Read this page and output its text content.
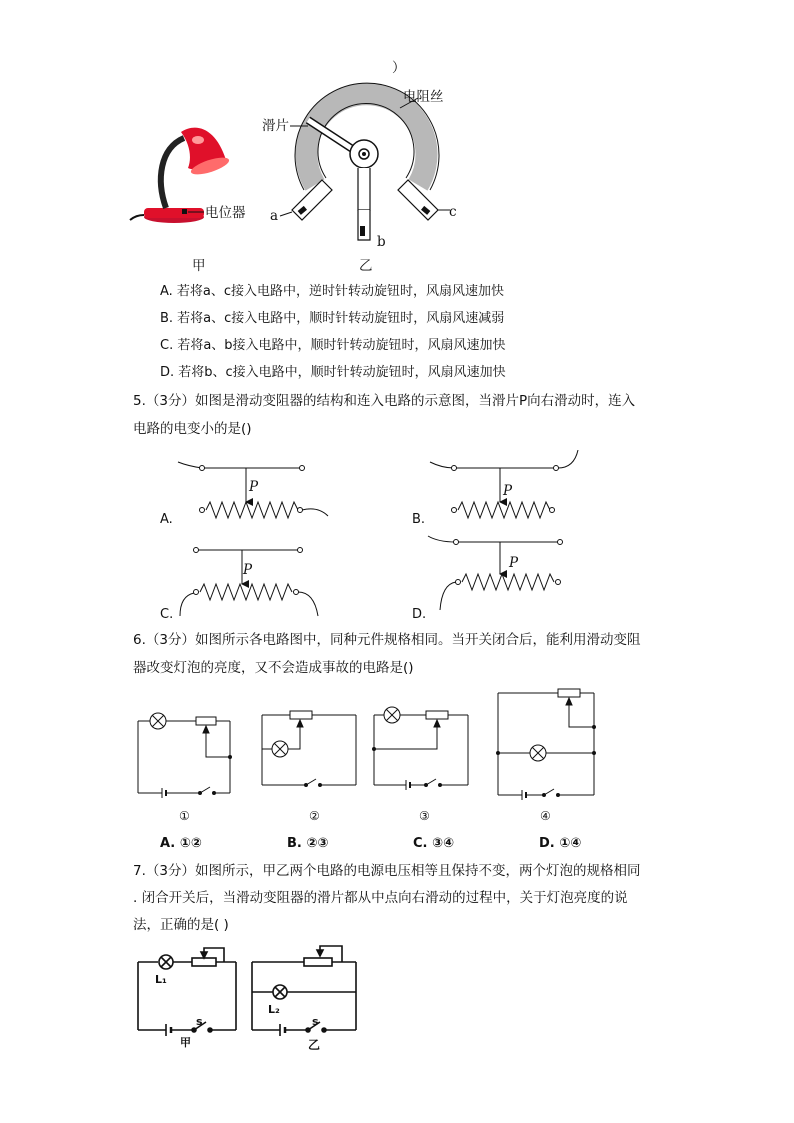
）
电位器
甲
电阻丝
滑片
a
b
c
乙
A. 若将a、c接入电路中，逆时针转动旋钮时，风扇风速加快
B. 若将a、c接入电路中，顺时针转动旋钮时，风扇风速减弱
C. 若将a、b接入电路中，顺时针转动旋钮时，风扇风速加快
D. 若将b、c接入电路中，顺时针转动旋钮时，风扇风速加快
5.（3分）如图是滑动变阻器的结构和连入电路的示意图，当滑片P向右滑动时，连入
电路的电变小的是()
P	P
P	P
A.	B.
C.	D.
6.（3分）如图所示各电路图中，同种元件规格相同。当开关闭合后，能利用滑动变阻
器改变灯泡的亮度，又不会造成事故的电路是()
①	②	③	④
A. ①②	B. ②③	C. ③④	D. ①④
7.（3分）如图所示，甲乙两个电路的电源电压相等且保持不变，两个灯泡的规格相同
. 闭合开关后，当滑动变阻器的滑片都从中点向右滑动的过程中，关于灯泡亮度的说
法，正确的是( )
L₁
s
甲
L₂
s
乙
